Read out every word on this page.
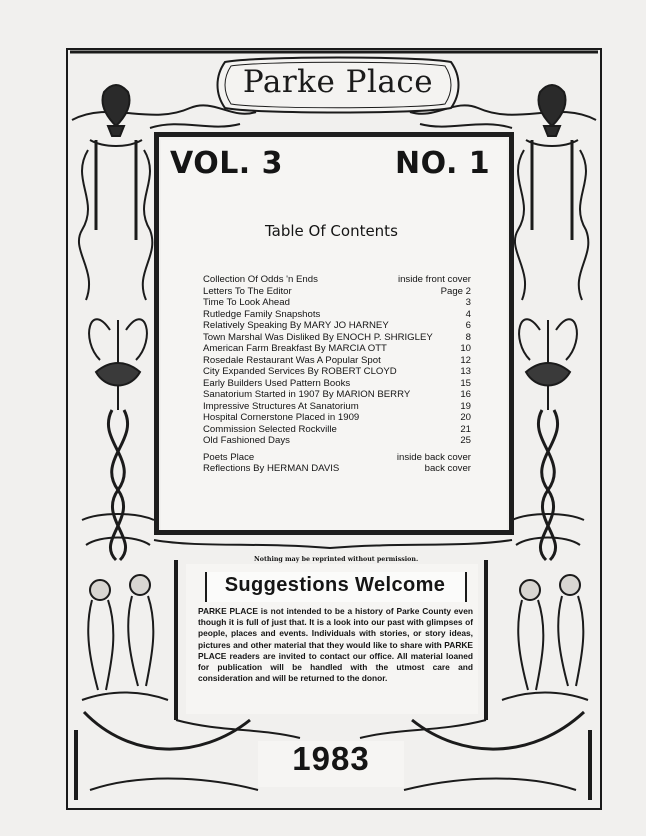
Parke Place
VOL. 3	NO. 1
Table Of Contents
Collection Of Odds 'n Ends	inside front cover
Letters To The Editor	Page 2
Time To Look Ahead	3
Rutledge Family Snapshots	4
Relatively Speaking By MARY JO HARNEY	6
Town Marshal Was Disliked By ENOCH P. SHRIGLEY	8
American Farm Breakfast By MARCIA OTT	10
Rosedale Restaurant Was A Popular Spot	12
City Expanded Services By ROBERT CLOYD	13
Early Builders Used Pattern Books	15
Sanatorium Started in 1907 By MARION BERRY	16
Impressive Structures At Sanatorium	19
Hospital Cornerstone Placed in 1909	20
Commission Selected Rockville	21
Old Fashioned Days	25
Poets Place	inside back cover
Reflections By HERMAN DAVIS	back cover
Nothing may be reprinted without permission.
Suggestions Welcome
PARKE PLACE is not intended to be a history of Parke County even though it is full of just that. It is a look into our past with glimpses of people, places and events. Individuals with stories, or story ideas, pictures and other material that they would like to share with PARKE PLACE readers are invited to contact our office. All material loaned for publication will be handled with the utmost care and consideration and will be returned to the donor.
1983
